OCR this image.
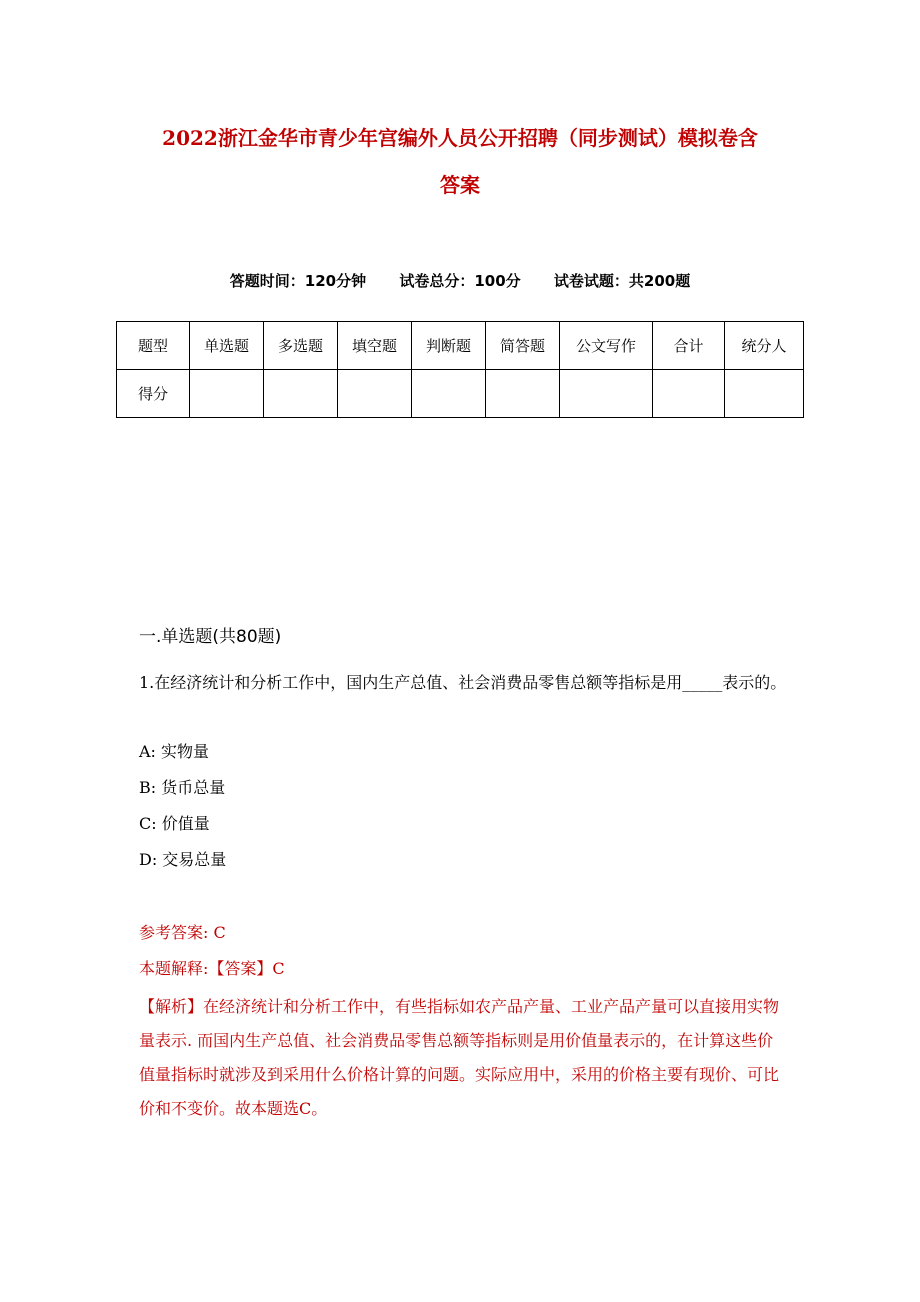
2022浙江金华市青少年宫编外人员公开招聘（同步测试）模拟卷含
答案
答题时间：120分钟 试卷总分：100分 试卷试题：共200题
题型	单选题	多选题	填空题	判断题	简答题	公文写作	合计	统分人
得分								
一.单选题(共80题)
1.在经济统计和分析工作中，国内生产总值、社会消费品零售总额等指标是用_____表示的。
A: 实物量
B: 货币总量
C: 价值量
D: 交易总量
参考答案: C
本题解释:【答案】C
【解析】在经济统计和分析工作中，有些指标如农产品产量、工业产品产量可以直接用实物量表示. 而国内生产总值、社会消费品零售总额等指标则是用价值量表示的，在计算这些价值量指标时就涉及到采用什么价格计算的问题。实际应用中，采用的价格主要有现价、可比价和不变价。故本题选C。
